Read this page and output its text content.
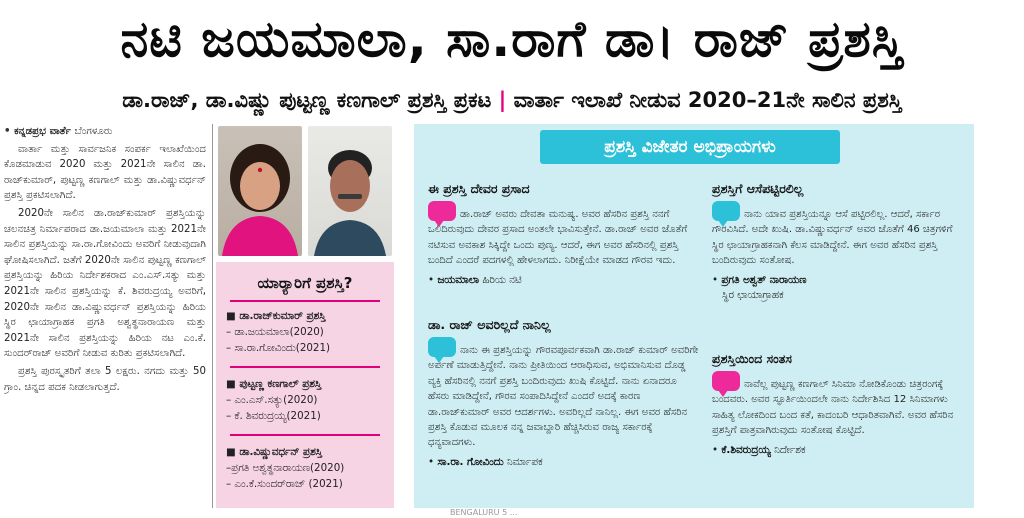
ನಟಿ ಜಯಮಾಲಾ, ಸಾ.ರಾಗೆ ಡಾ। ರಾಜ್ ಪ್ರಶಸ್ತಿ
ಡಾ.ರಾಜ್, ಡಾ.ವಿಷ್ಣು ಪುಟ್ಟಣ್ಣ ಕಣಗಾಲ್ ಪ್ರಶಸ್ತಿ ಪ್ರಕಟ | ವಾರ್ತಾ ಇಲಾಖೆ ನೀಡುವ 2020–21ನೇ ಸಾಲಿನ ಪ್ರಶಸ್ತಿ

• ಕನ್ನಡಪ್ರಭ ವಾರ್ತೆ ಬೆಂಗಳೂರು

ವಾರ್ತಾ ಮತ್ತು ಸಾರ್ವಜನಿಕ ಸಂಪರ್ಕ ಇಲಾಖೆಯಿಂದ ಕೊಡಮಾಡುವ 2020 ಮತ್ತು 2021ನೇ ಸಾಲಿನ ಡಾ. ರಾಜ್‌ಕುಮಾರ್, ಪುಟ್ಟಣ್ಣ ಕಣಗಾಲ್ ಮತ್ತು ಡಾ.ವಿಷ್ಣುವರ್ಧನ್ ಪ್ರಶಸ್ತಿ ಪ್ರಕಟಿಸಲಾಗಿದೆ.

2020ನೇ ಸಾಲಿನ ಡಾ.ರಾಜ್‌ಕುಮಾರ್ ಪ್ರಶಸ್ತಿಯನ್ನು ಚಲನಚಿತ್ರ ನಿರ್ಮಾಪರಾದ ಡಾ.ಜಯಮಾಲಾ ಮತ್ತು 2021ನೇ ಸಾಲಿನ ಪ್ರಶಸ್ತಿಯನ್ನು ಸಾ.ರಾ.ಗೋವಿಂದು ಅವರಿಗೆ ನೀಡುವುದಾಗಿ ಘೋಷಿಸಲಾಗಿದೆ. ಜತೆಗೆ 2020ನೇ ಸಾಲಿನ ಪುಟ್ಟಣ್ಣ ಕಣಗಾಲ್ ಪ್ರಶಸ್ತಿಯನ್ನು ಹಿರಿಯ ನಿರ್ದೇಶಕರಾದ ಎಂ.ಎಸ್.ಸತ್ಯು ಮತ್ತು 2021ನೇ ಸಾಲಿನ ಪ್ರಶಸ್ತಿಯನ್ನು ಕೆ. ಶಿವರುದ್ರಯ್ಯ ಅವರಿಗೆ, 2020ನೇ ಸಾಲಿನ ಡಾ.ವಿಷ್ಣುವರ್ಧನ್ ಪ್ರಶಸ್ತಿಯನ್ನು ಹಿರಿಯ ಸ್ಥಿರ ಛಾಯಾಗ್ರಾಹಕ ಪ್ರಗತಿ ಅಶ್ವತ್ಥನಾರಾಯಣ ಮತ್ತು 2021ನೇ ಸಾಲಿನ ಪ್ರಶಸ್ತಿಯನ್ನು ಹಿರಿಯ ನಟ ಎಂ.ಕೆ. ಸುಂದರ್‌ರಾಜ್ ಅವರಿಗೆ ನೀಡುವ ಕುರಿತು ಪ್ರಕಟಿಸಲಾಗಿದೆ.

ಪ್ರಶಸ್ತಿ ಪುರಸ್ಕೃತರಿಗೆ ತಲಾ 5 ಲಕ್ಷರು. ನಗದು ಮತ್ತು 50 ಗ್ರಾಂ. ಚಿನ್ನದ ಪದಕ ನೀಡಲಾಗುತ್ತದೆ.

ಯಾರ್‍ಯಾರಿಗೆ ಪ್ರಶಸ್ತಿ?
■ ಡಾ.ರಾಜ್‌ಕುಮಾರ್ ಪ್ರಶಸ್ತಿ
– ಡಾ.ಜಯಮಾಲಾ(2020)
– ಸಾ.ರಾ.ಗೋವಿಂದು(2021)
■ ಪುಟ್ಟಣ್ಣ ಕಣಗಾಲ್ ಪ್ರಶಸ್ತಿ
– ಎಂ.ಎಸ್.ಸತ್ಯು(2020)
– ಕೆ. ಶಿವರುದ್ರಯ್ಯ(2021)
■ ಡಾ.ವಿಷ್ಣುವರ್ಧನ್ ಪ್ರಶಸ್ತಿ
–ಪ್ರಗತಿ ಅಶ್ವತ್ಥನಾರಾಯಣ(2020)
– ಎಂ.ಕೆ.ಸುಂದರ್‌ರಾಜ್ (2021)
ಪ್ರಶಸ್ತಿ ವಿಜೇತರ ಅಭಿಪ್ರಾಯಗಳು
ಈ ಪ್ರಶಸ್ತಿ ದೇವರ ಪ್ರಸಾದ
ಡಾ.ರಾಜ್ ಅವರು ದೇವತಾ ಮನುಷ್ಯ. ಅವರ ಹೆಸರಿನ ಪ್ರಶಸ್ತಿ ನನಗೆ ಒಲಿದಿರುವುದು ದೇವರ ಪ್ರಸಾದ ಅಂತಲೇ ಭಾವಿಸುತ್ತೇನೆ. ಡಾ.ರಾಜ್ ಅವರ ಜೊತೆಗೆ ನಟಿಸುವ ಅವಕಾಶ ಸಿಕ್ಕಿದ್ದೇ ಒಂದು ಪುಣ್ಯ. ಆದರೆ, ಈಗ ಅವರ ಹೆಸರಿನಲ್ಲಿ ಪ್ರಶಸ್ತಿ ಬಂದಿದೆ ಎಂದರೆ ಪದಗಳಲ್ಲಿ ಹೇಳಲಾಗದು. ನಿರೀಕ್ಷೆಯೇ ಮಾಡದ ಗೌರವ ಇದು.
• ಜಯಮಾಲಾ ಹಿರಿಯ ನಟಿ
ಡಾ. ರಾಜ್ ಅವರಿಲ್ಲದೆ ನಾನಿಲ್ಲ
ನಾನು ಈ ಪ್ರಶಸ್ತಿಯನ್ನು ಗೌರವಪೂರ್ವಕವಾಗಿ ಡಾ.ರಾಜ್ ಕುಮಾರ್ ಅವರಿಗೇ ಅರ್ಪಣೆ ಮಾಡುತ್ತಿದ್ದೇನೆ. ನಾನು ಪ್ರೀತಿಯಿಂದ ಆರಾಧಿಸುವ, ಅಭಿಮಾನಿಸುವ ದೊಡ್ಡ ವ್ಯಕ್ತಿ ಹೆಸರಿನಲ್ಲಿ ನನಗೆ ಪ್ರಶಸ್ತಿ ಬಂದಿರುವುದು ಖುಷಿ ಕೊಟ್ಟಿದೆ. ನಾನು ಏನಾದರೂ ಹೆಸರು ಮಾಡಿದ್ದೇನೆ, ಗೌರವ ಸಂಪಾದಿಸಿದ್ದೇನೆ ಎಂದರೆ ಅದಕ್ಕೆ ಕಾರಣ ಡಾ.ರಾಜ್‌ಕುಮಾರ್ ಅವರ ಆದರ್ಶಗಳು. ಅವರಿಲ್ಲದೆ ನಾನಿಲ್ಲ. ಈಗ ಅವರ ಹೆಸರಿನ ಪ್ರಶಸ್ತಿ ಕೊಡುವ ಮೂಲಕ ನನ್ನ ಜವಾಬ್ದಾರಿ ಹೆಚ್ಚಿಸಿರುವ ರಾಜ್ಯ ಸರ್ಕಾರಕ್ಕೆ ಧನ್ಯವಾದಗಳು.
• ಸಾ.ರಾ. ಗೋವಿಂದು ನಿರ್ಮಾಪಕ
ಪ್ರಶಸ್ತಿಗೆ ಆಸೆಪಟ್ಟಿರಲಿಲ್ಲ
ನಾನು ಯಾವ ಪ್ರಶಸ್ತಿಯನ್ನೂ ಆಸೆ ಪಟ್ಟಿರಲಿಲ್ಲ. ಆದರೆ, ಸರ್ಕಾರ ಗೌರವಿಸಿದೆ. ಅದೇ ಖುಷಿ. ಡಾ.ವಿಷ್ಣುವರ್ಧನ್ ಅವರ ಜೊತೆಗೆ 46 ಚಿತ್ರಗಳಿಗೆ ಸ್ಥಿರ ಛಾಯಾಗ್ರಾಹಕನಾಗಿ ಕೆಲಸ ಮಾಡಿದ್ದೇನೆ. ಈಗ ಅವರ ಹೆಸರಿನ ಪ್ರಶಸ್ತಿ ಬಂದಿರುವುದು ಸಂತೋಷ.
• ಪ್ರಗತಿ ಅಶ್ವತ್ ನಾರಾಯಣ
ಸ್ಥಿರ ಛಾಯಾಗ್ರಾಹಕ
ಪ್ರಶಸ್ತಿಯಿಂದ ಸಂತಸ
ನಾವೆಲ್ಲ ಪುಟ್ಟಣ್ಣ ಕಣಗಾಲ್ ಸಿನಿಮಾ ನೋಡಿಕೊಂಡು ಚಿತ್ರರಂಗಕ್ಕೆ ಬಂದವರು. ಅವರ ಸ್ಫೂರ್ತಿಯಿಂದಲೇ ನಾನು ನಿರ್ದೇಶಿಸಿದ 12 ಸಿನಿಮಾಗಳು ಸಾಹಿತ್ಯ ಲೋಕದಿಂದ ಬಂದ ಕತೆ, ಕಾದಂಬರಿ ಆಧಾರಿತವಾಗಿವೆ. ಅವರ ಹೆಸರಿನ ಪ್ರಶಸ್ತಿಗೆ ಪಾತ್ರವಾಗಿರುವುದು ಸಂತೋಷ ಕೊಟ್ಟಿದೆ.
• ಕೆ.ಶಿವರುದ್ರಯ್ಯ ನಿರ್ದೇಶಕ
BENGALURU 5 ...
